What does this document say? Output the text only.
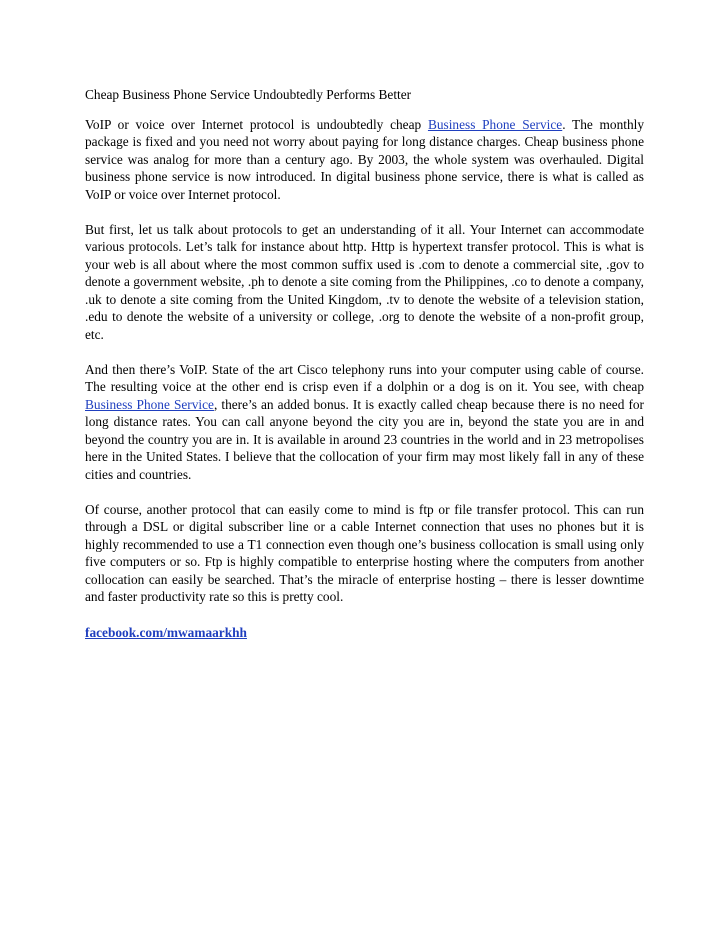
Cheap Business Phone Service Undoubtedly Performs Better

VoIP or voice over Internet protocol is undoubtedly cheap Business Phone Service. The monthly package is fixed and you need not worry about paying for long distance charges. Cheap business phone service was analog for more than a century ago. By 2003, the whole system was overhauled. Digital business phone service is now introduced. In digital business phone service, there is what is called as VoIP or voice over Internet protocol.

But first, let us talk about protocols to get an understanding of it all. Your Internet can accommodate various protocols. Let’s talk for instance about http. Http is hypertext transfer protocol. This is what is your web is all about where the most common suffix used is .com to denote a commercial site, .gov to denote a government website, .ph to denote a site coming from the Philippines, .co to denote a company, .uk to denote a site coming from the United Kingdom, .tv to denote the website of a television station, .edu to denote the website of a university or college, .org to denote the website of a non-profit group, etc.

And then there’s VoIP. State of the art Cisco telephony runs into your computer using cable of course. The resulting voice at the other end is crisp even if a dolphin or a dog is on it. You see, with cheap Business Phone Service, there’s an added bonus. It is exactly called cheap because there is no need for long distance rates. You can call anyone beyond the city you are in, beyond the state you are in and beyond the country you are in. It is available in around 23 countries in the world and in 23 metropolises here in the United States. I believe that the collocation of your firm may most likely fall in any of these cities and countries.

Of course, another protocol that can easily come to mind is ftp or file transfer protocol. This can run through a DSL or digital subscriber line or a cable Internet connection that uses no phones but it is highly recommended to use a T1 connection even though one’s business collocation is small using only five computers or so. Ftp is highly compatible to enterprise hosting where the computers from another collocation can easily be searched. That’s the miracle of enterprise hosting – there is lesser downtime and faster productivity rate so this is pretty cool.

facebook.com/mwamaarkhh
